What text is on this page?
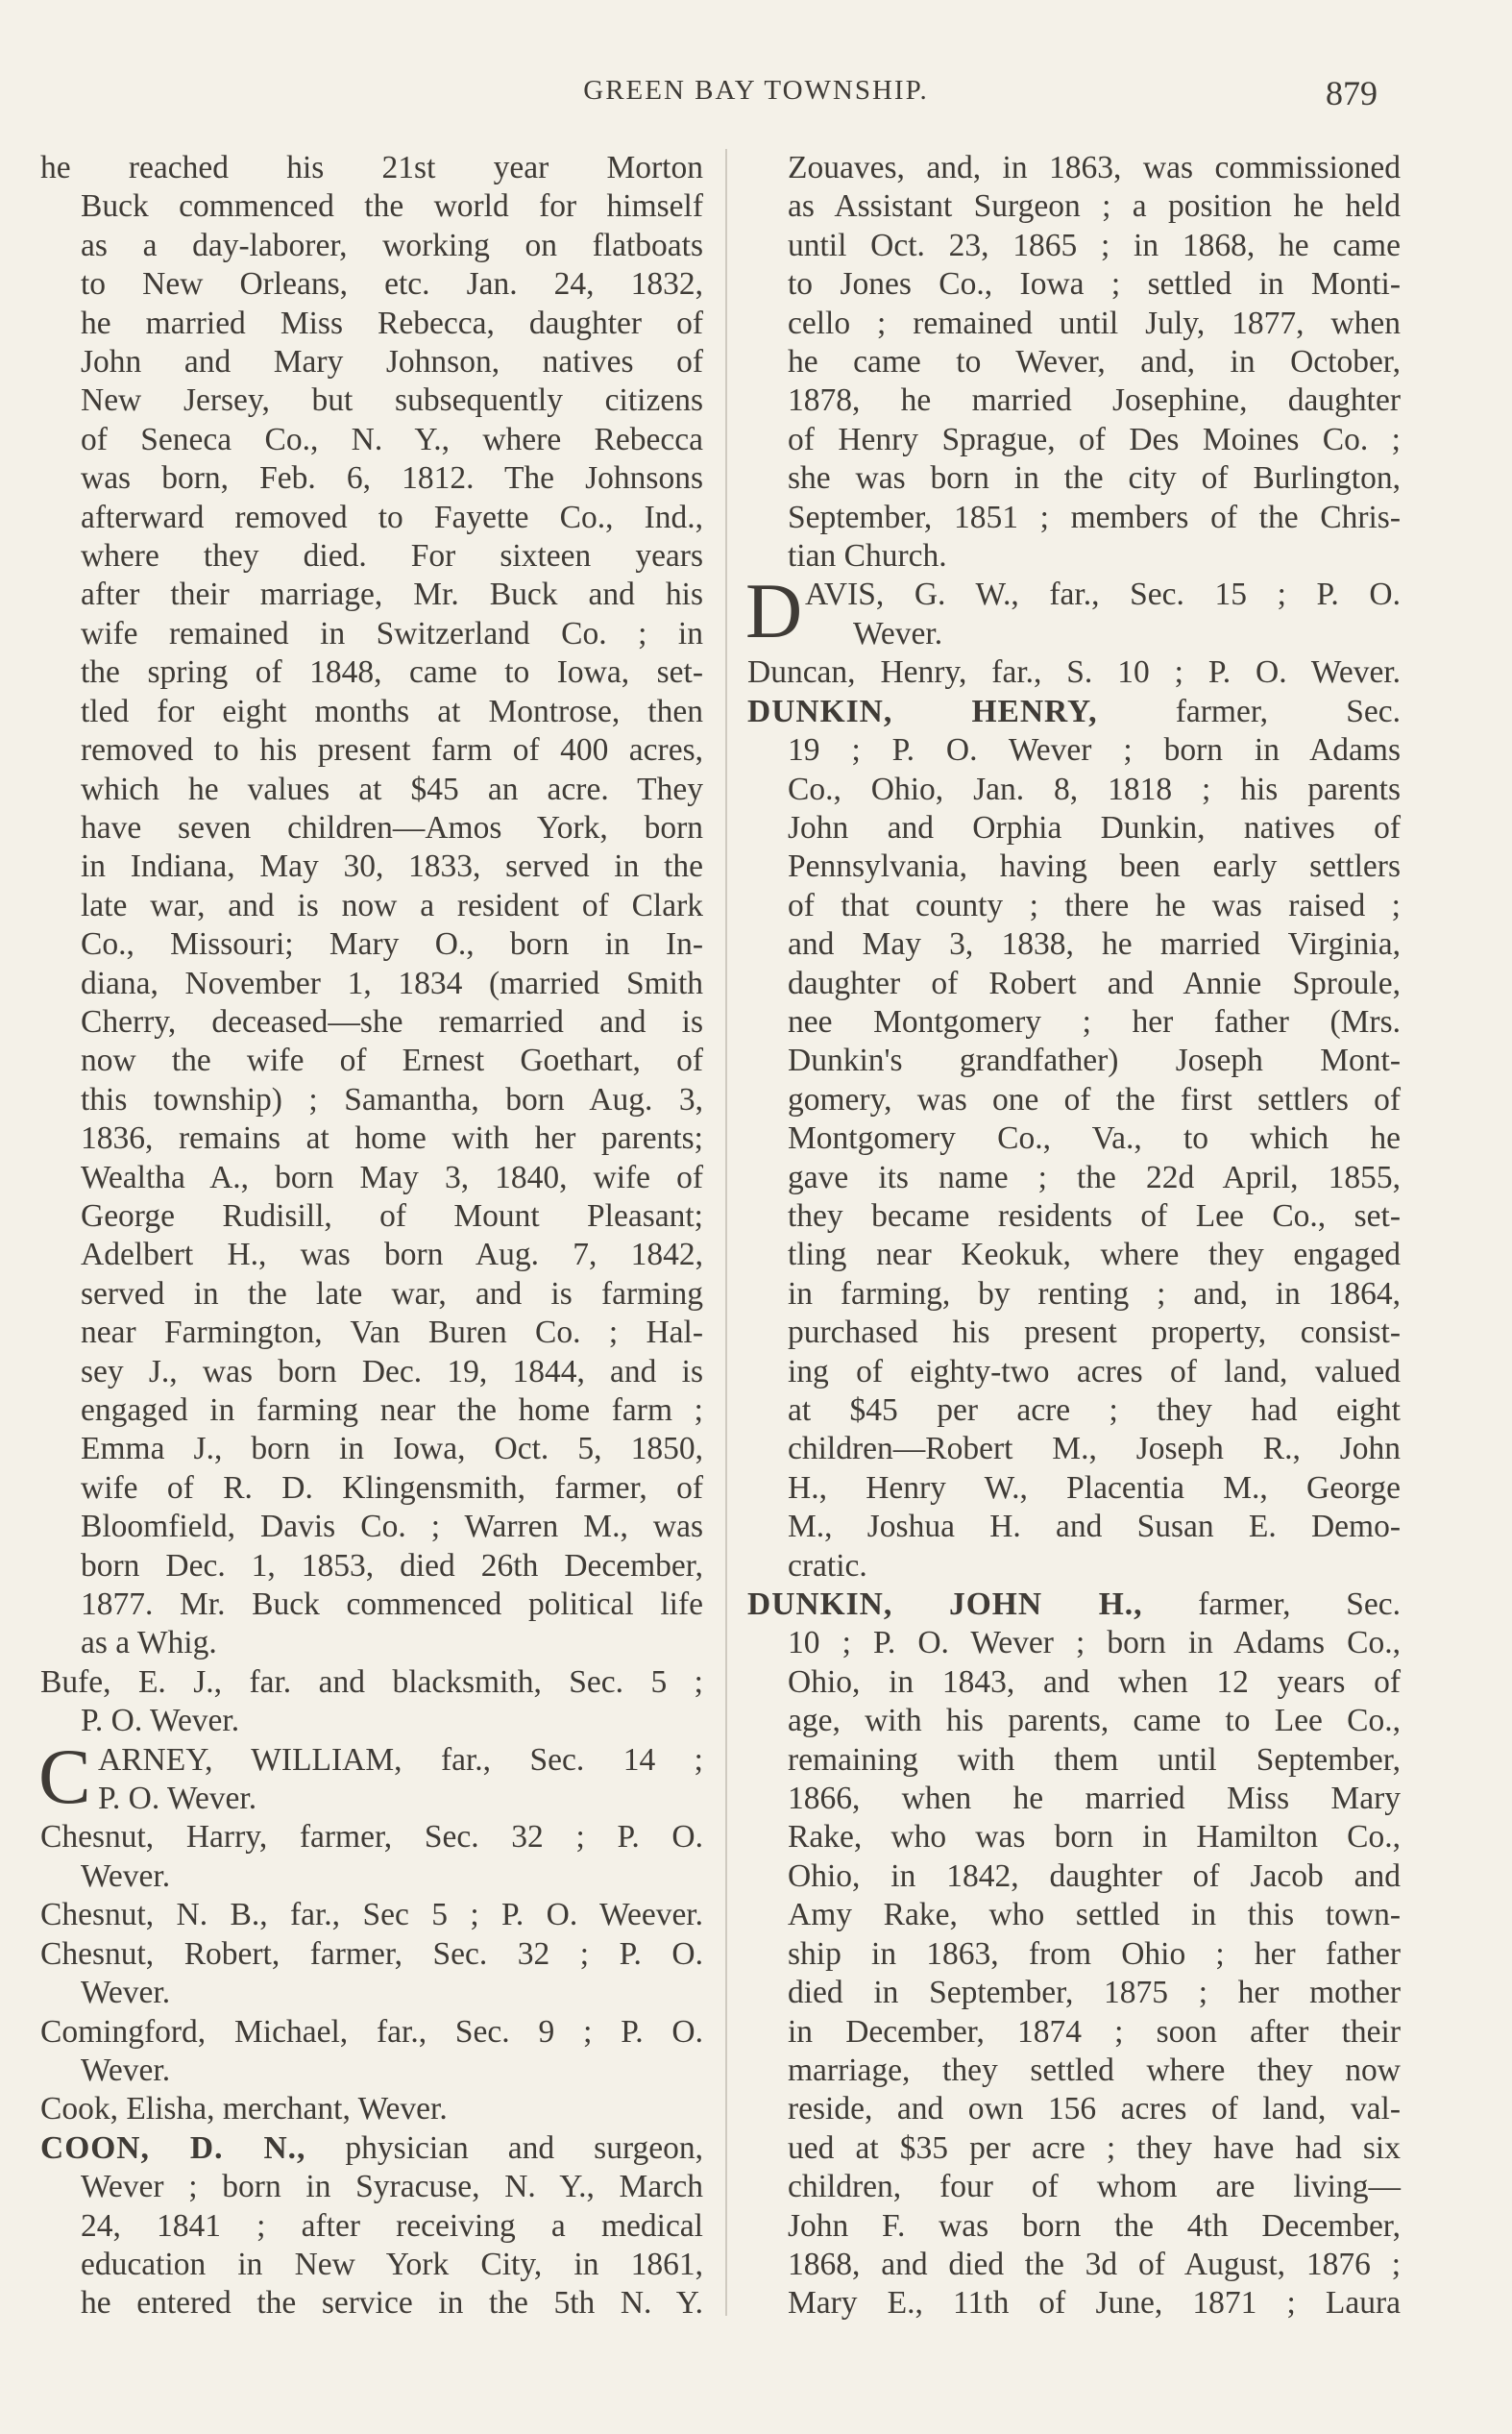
GREEN BAY TOWNSHIP.	879
he reached his 21st year Morton
Buck commenced the world for himself
as a day-laborer, working on flatboats
to New Orleans, etc. Jan. 24, 1832,
he married Miss Rebecca, daughter of
John and Mary Johnson, natives of
New Jersey, but subsequently citizens
of Seneca Co., N. Y., where Rebecca
was born, Feb. 6, 1812. The Johnsons
afterward removed to Fayette Co., Ind.,
where they died. For sixteen years
after their marriage, Mr. Buck and his
wife remained in Switzerland Co. ; in
the spring of 1848, came to Iowa, set-
tled for eight months at Montrose, then
removed to his present farm of 400 acres,
which he values at $45 an acre. They
have seven children—Amos York, born
in Indiana, May 30, 1833, served in the
late war, and is now a resident of Clark
Co., Missouri; Mary O., born in In-
diana, November 1, 1834 (married Smith
Cherry, deceased—she remarried and is
now the wife of Ernest Goethart, of
this township) ; Samantha, born Aug. 3,
1836, remains at home with her parents;
Wealtha A., born May 3, 1840, wife of
George Rudisill, of Mount Pleasant;
Adelbert H., was born Aug. 7, 1842,
served in the late war, and is farming
near Farmington, Van Buren Co. ; Hal-
sey J., was born Dec. 19, 1844, and is
engaged in farming near the home farm ;
Emma J., born in Iowa, Oct. 5, 1850,
wife of R. D. Klingensmith, farmer, of
Bloomfield, Davis Co. ; Warren M., was
born Dec. 1, 1853, died 26th December,
1877. Mr. Buck commenced political life
as a Whig.
Bufe, E. J., far. and blacksmith, Sec. 5 ;
P. O. Wever.
C ARNEY, WILLIAM, far., Sec. 14 ;
P. O. Wever.
Chesnut, Harry, farmer, Sec. 32 ; P. O.
Wever.
Chesnut, N. B., far., Sec 5 ; P. O. Weever.
Chesnut, Robert, farmer, Sec. 32 ; P. O.
Wever.
Comingford, Michael, far., Sec. 9 ; P. O.
Wever.
Cook, Elisha, merchant, Wever.
COON, D. N., physician and surgeon,
Wever ; born in Syracuse, N. Y., March
24, 1841 ; after receiving a medical
education in New York City, in 1861,
he entered the service in the 5th N. Y.
Zouaves, and, in 1863, was commissioned
as Assistant Surgeon ; a position he held
until Oct. 23, 1865 ; in 1868, he came
to Jones Co., Iowa ; settled in Monti-
cello ; remained until July, 1877, when
he came to Wever, and, in October,
1878, he married Josephine, daughter
of Henry Sprague, of Des Moines Co. ;
she was born in the city of Burlington,
September, 1851 ; members of the Chris-
tian Church.
D AVIS, G. W., far., Sec. 15 ; P. O.
Wever.
Duncan, Henry, far., S. 10 ; P. O. Wever.
DUNKIN, HENRY, farmer, Sec.
19 ; P. O. Wever ; born in Adams
Co., Ohio, Jan. 8, 1818 ; his parents
John and Orphia Dunkin, natives of
Pennsylvania, having been early settlers
of that county ; there he was raised ;
and May 3, 1838, he married Virginia,
daughter of Robert and Annie Sproule,
nee Montgomery ; her father (Mrs.
Dunkin's grandfather) Joseph Mont-
gomery, was one of the first settlers of
Montgomery Co., Va., to which he
gave its name ; the 22d April, 1855,
they became residents of Lee Co., set-
tling near Keokuk, where they engaged
in farming, by renting ; and, in 1864,
purchased his present property, consist-
ing of eighty-two acres of land, valued
at $45 per acre ; they had eight
children—Robert M., Joseph R., John
H., Henry W., Placentia M., George
M., Joshua H. and Susan E. Demo-
cratic.
DUNKIN, JOHN H., farmer, Sec.
10 ; P. O. Wever ; born in Adams Co.,
Ohio, in 1843, and when 12 years of
age, with his parents, came to Lee Co.,
remaining with them until September,
1866, when he married Miss Mary
Rake, who was born in Hamilton Co.,
Ohio, in 1842, daughter of Jacob and
Amy Rake, who settled in this town-
ship in 1863, from Ohio ; her father
died in September, 1875 ; her mother
in December, 1874 ; soon after their
marriage, they settled where they now
reside, and own 156 acres of land, val-
ued at $35 per acre ; they have had six
children, four of whom are living—
John F. was born the 4th December,
1868, and died the 3d of August, 1876 ;
Mary E., 11th of June, 1871 ; Laura
